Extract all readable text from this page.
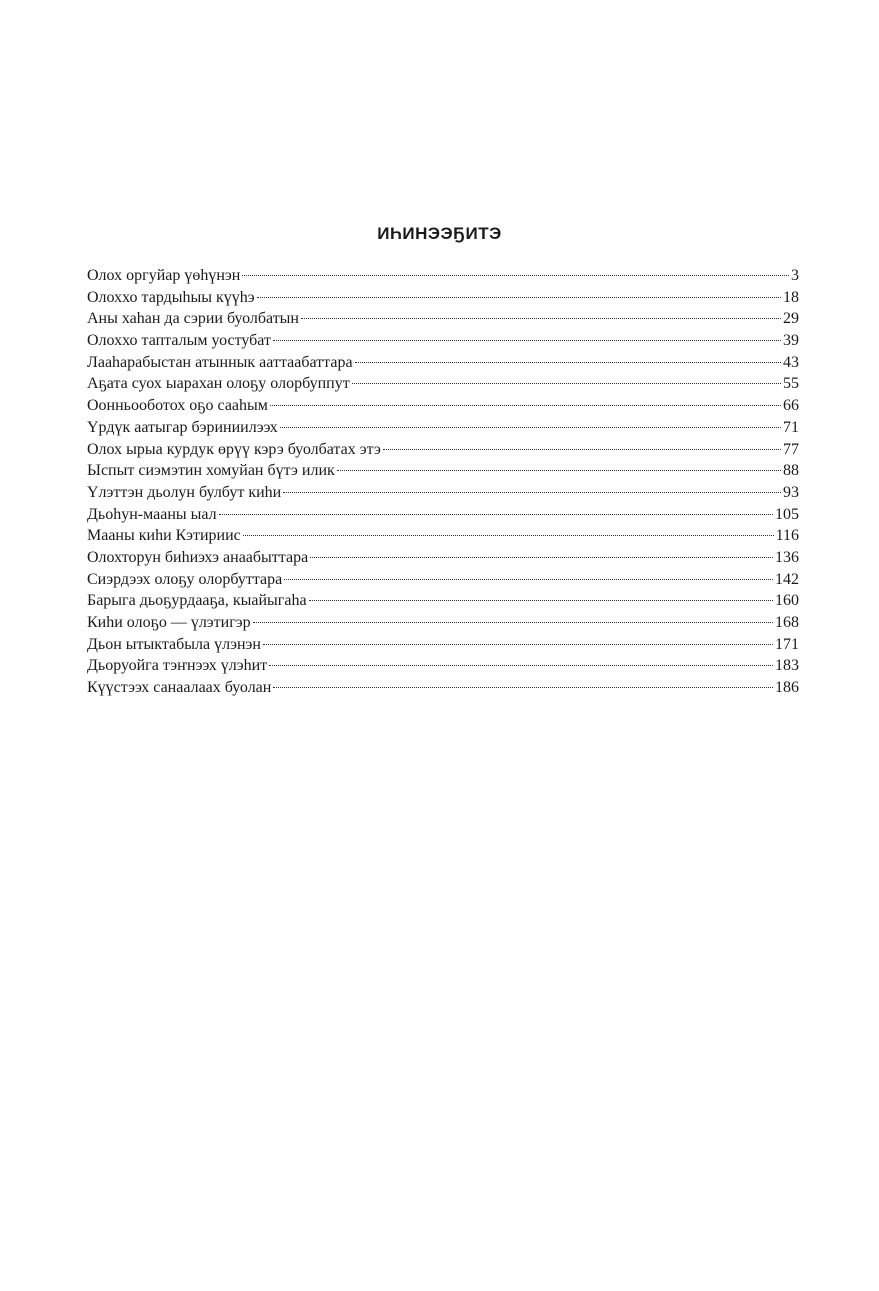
ИҺИНЭЭҔИТЭ
Олох оргуйар үөһүнэн	3
Олоххо тардыһыы күүһэ	18
Аны хаһан да сэрии буолбатын	29
Олоххо тапталым уостубат	39
Лааһарабыстан атыннык ааттаабаттара	43
Аҕата суох ыарахан олоҕу олорбуппут	55
Оонньооботох оҕо сааһым	66
Үрдүк аатыгар бэриниилээх	71
Олох ырыа курдук өрүү кэрэ буолбатах этэ	77
Ыспыт сиэмэтин хомуйан бүтэ илик	88
Үлэттэн дьолун булбут киһи	93
Дьоһун-мааны ыал	105
Мааны киһи Кэтириис	116
Олохторун биһиэхэ анаабыттара	136
Сиэрдээх олоҕу олорбуттара	142
Барыга дьоҕурдааҕа, кыайыгаһа	160
Киһи олоҕо — үлэтигэр	168
Дьон ытыктабыла үлэнэн	171
Дьоруойга тэҥнээх үлэһит	183
Күүстээх санаалаах буолан	186
